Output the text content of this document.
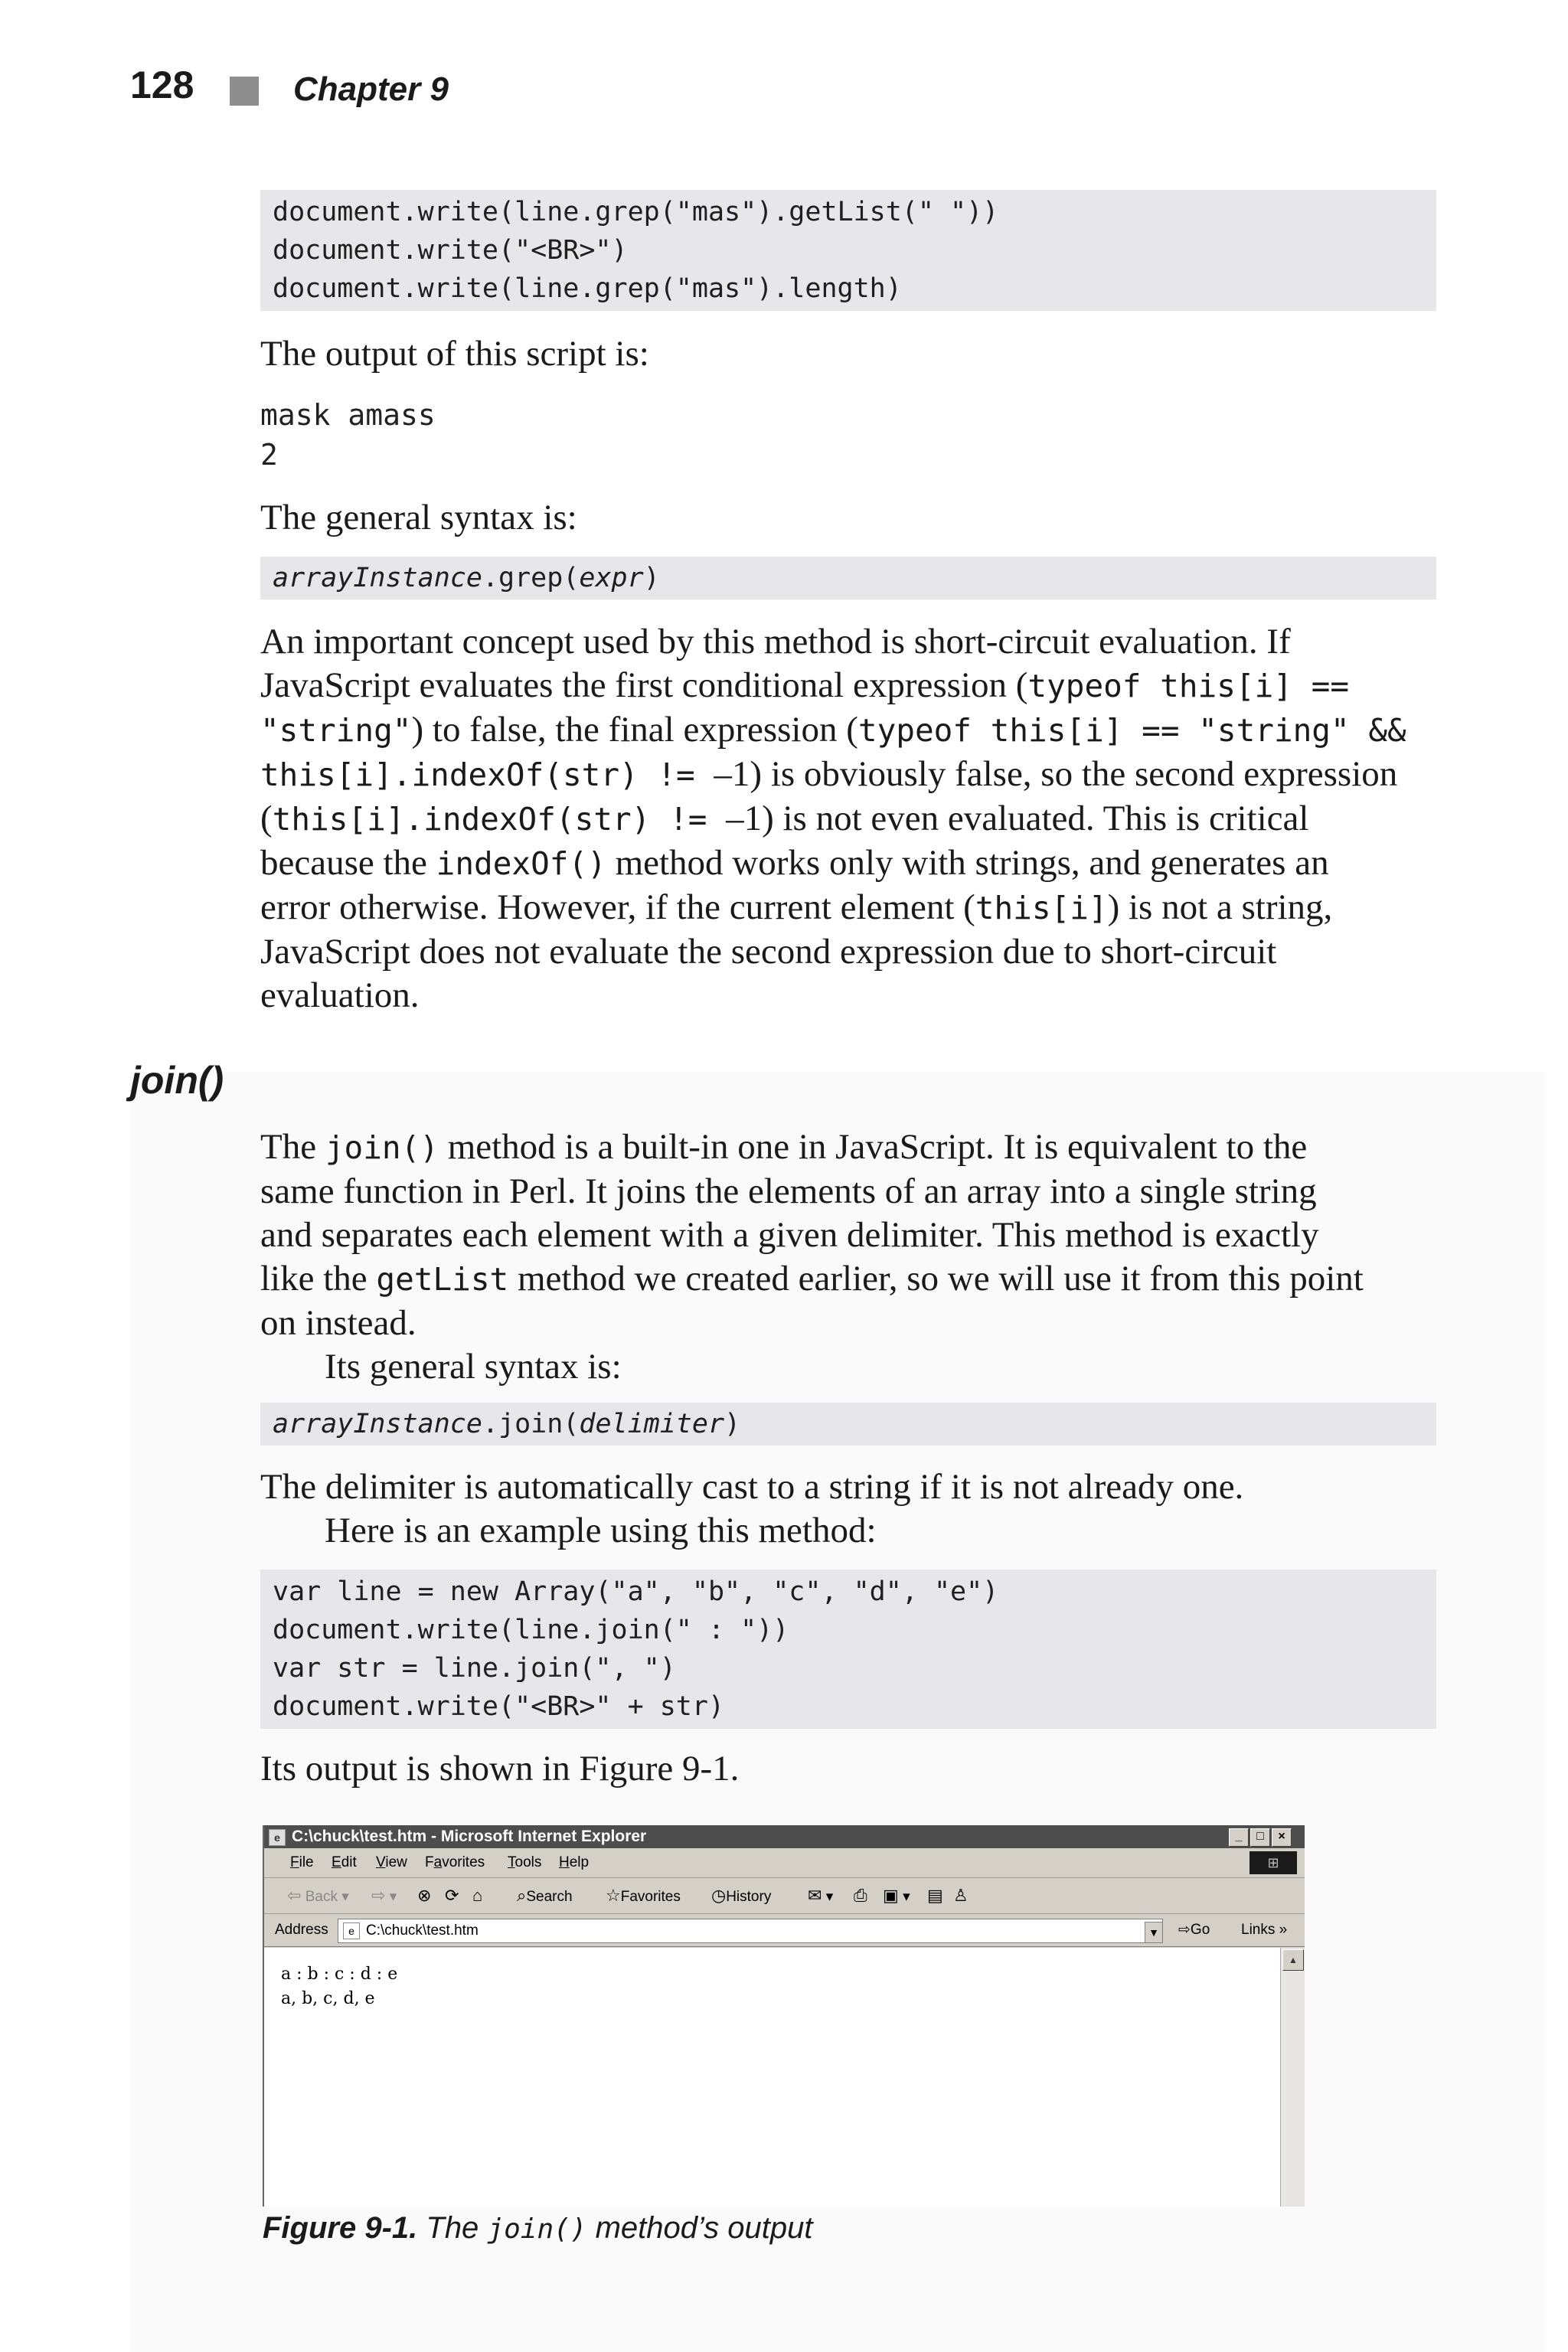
128	Chapter 9
document.write(line.grep("mas").getList(" "))
document.write("<BR>")
document.write(line.grep("mas").length)
The output of this script is:
mask amass
2
The general syntax is:
arrayInstance.grep(expr)
An important concept used by this method is short-circuit evaluation. If
JavaScript evaluates the first conditional expression (typeof this[i] ==
"string") to false, the final expression (typeof this[i] == "string" &&
this[i].indexOf(str) != –1) is obviously false, so the second expression
(this[i].indexOf(str) != –1) is not even evaluated. This is critical
because the indexOf() method works only with strings, and generates an
error otherwise. However, if the current element (this[i]) is not a string,
JavaScript does not evaluate the second expression due to short-circuit
evaluation.
join()
The join() method is a built-in one in JavaScript. It is equivalent to the
same function in Perl. It joins the elements of an array into a single string
and separates each element with a given delimiter. This method is exactly
like the getList method we created earlier, so we will use it from this point
on instead.
Its general syntax is:
arrayInstance.join(delimiter)
The delimiter is automatically cast to a string if it is not already one.
Here is an example using this method:
var line = new Array("a", "b", "c", "d", "e")
document.write(line.join(" : "))
var str = line.join(", ")
document.write("<BR>" + str)
Its output is shown in Figure 9-1.
e C:\chuck\test.htm - Microsoft Internet Explorer	_	□	×
File Edit View Favorites Tools Help	⊞
⇦ Back ▾ ⇨ ▾ ⊗ ⟳ ⌂ ⌕Search ☆Favorites ◷History ✉ ▾ ⎙ ▣ ▾ ▤ ♙
Address	e C:\chuck\test.htm	▼ ⇨Go Links »
a : b : c : d : e
a, b, c, d, e
▲
Figure 9-1. The join() method’s output
